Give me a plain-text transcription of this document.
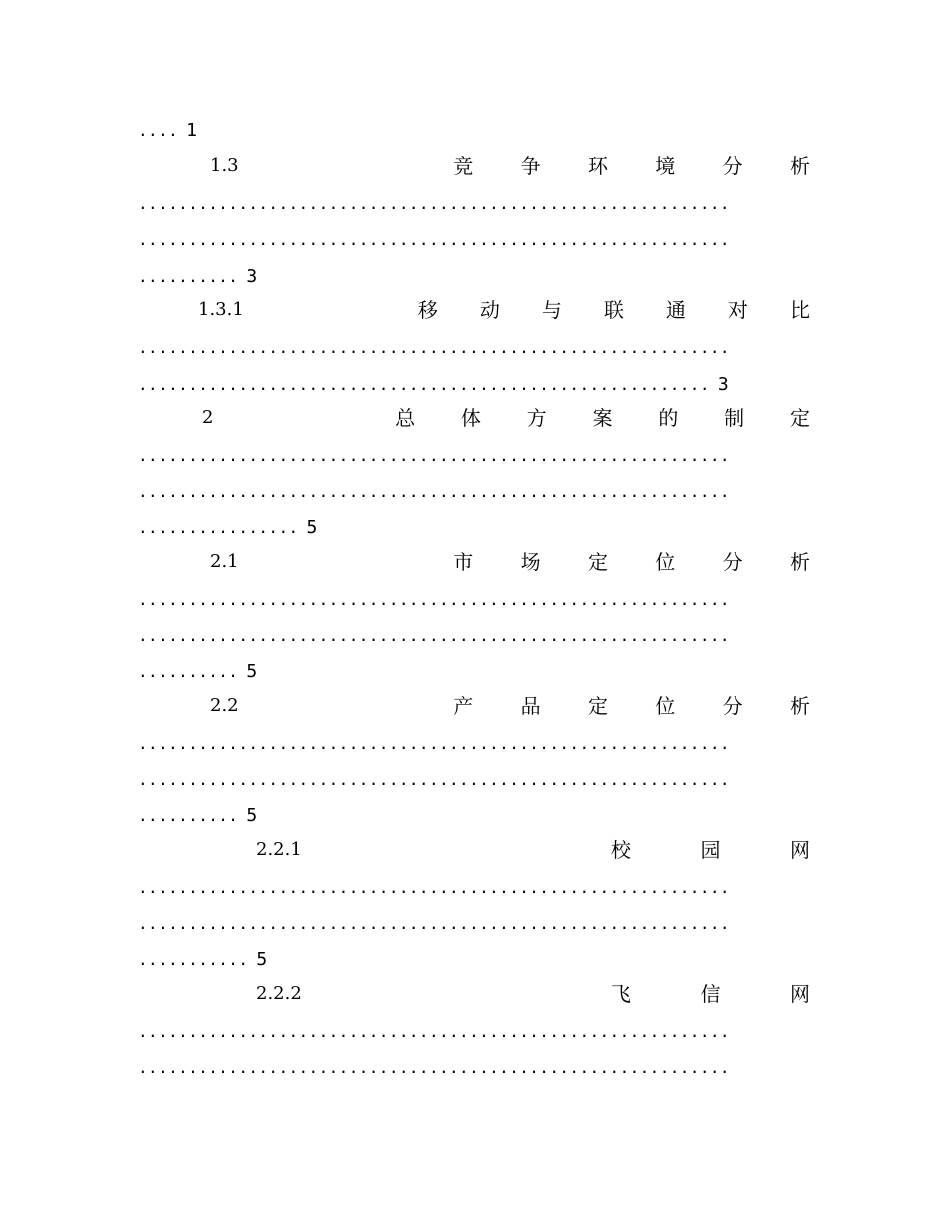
.... 1
1.3	竞 争 环 境 分 析
...........................................................
...........................................................
.......... 3
1.3.1	移 动 与 联 通 对 比
...........................................................
......................................................... 3
2	总 体 方 案 的 制 定
...........................................................
...........................................................
................ 5
2.1	市 场 定 位 分 析
...........................................................
...........................................................
.......... 5
2.2	产 品 定 位 分 析
...........................................................
...........................................................
.......... 5
2.2.1	校	园	网
...........................................................
...........................................................
........... 5
2.2.2	飞	信	网
...........................................................
...........................................................
